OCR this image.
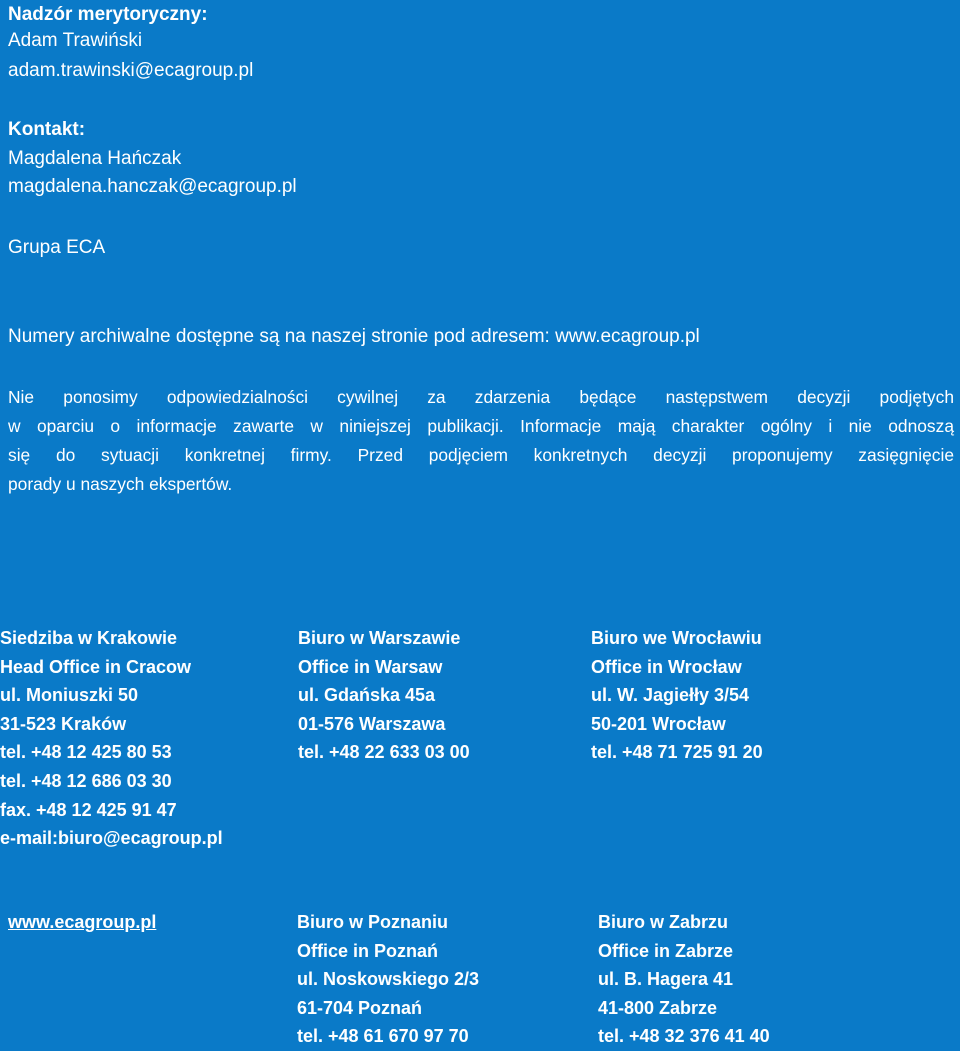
Nadzór merytoryczny:
Adam Trawiński
adam.trawinski@ecagroup.pl
Kontakt:
Magdalena Hańczak
magdalena.hanczak@ecagroup.pl
Grupa ECA
Numery archiwalne dostępne są na naszej stronie pod adresem: www.ecagroup.pl
Nie ponosimy odpowiedzialności cywilnej za zdarzenia będące następstwem decyzji podjętych
w oparciu o informacje zawarte w niniejszej publikacji. Informacje mają charakter ogólny i nie odnoszą
się do sytuacji konkretnej firmy. Przed podjęciem konkretnych decyzji proponujemy zasięgnięcie
porady u naszych ekspertów.
Siedziba w Krakowie
Head Office in Cracow
ul. Moniuszki 50
31-523 Kraków
tel. +48 12 425 80 53
tel. +48 12 686 03 30
fax. +48 12 425 91 47
e-mail:biuro@ecagroup.pl
Biuro w Warszawie
Office in Warsaw
ul. Gdańska 45a
01-576 Warszawa
tel. +48 22 633 03 00
Biuro we Wrocławiu
Office in Wrocław
ul. W. Jagiełły 3/54
50-201 Wrocław
tel. +48 71 725 91 20
www.ecagroup.pl	Biuro w Poznaniu
Office in Poznań
ul. Noskowskiego 2/3
61-704 Poznań
tel. +48 61 670 97 70
Biuro w Zabrzu
Office in Zabrze
ul. B. Hagera 41
41-800 Zabrze
tel. +48 32 376 41 40
